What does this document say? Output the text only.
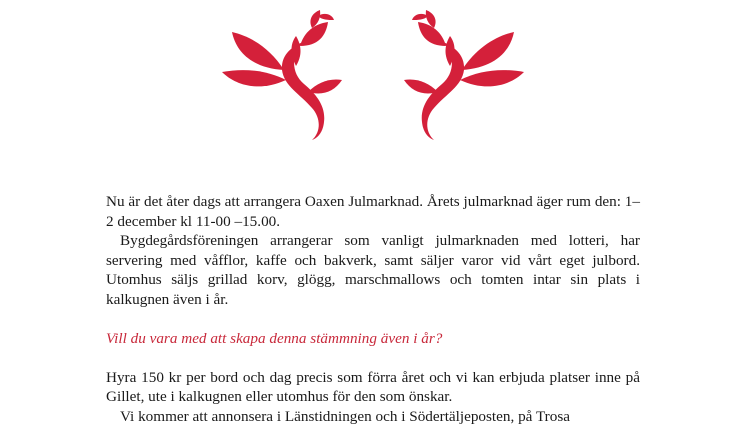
Nu är det åter dags att arrangera Oaxen Julmarknad. Årets julmarknad äger rum den: 1–2 december kl 11-00 –15.00.

Bygdegårdsföreningen arrangerar som vanligt julmarknaden med lotteri, har servering med våfflor, kaffe och bakverk, samt säljer varor vid vårt eget julbord. Utomhus säljs grillad korv, glögg, marschmallows och tomten intar sin plats i kalkugnen även i år.

Vill du vara med att skapa denna stämmning även i år?

Hyra 150 kr per bord och dag precis som förra året och vi kan erbjuda platser inne på Gillet, ute i kalkugnen eller utomhus för den som önskar.

Vi kommer att annonsera i Länstidningen och i Södertäljeposten, på Trosa
